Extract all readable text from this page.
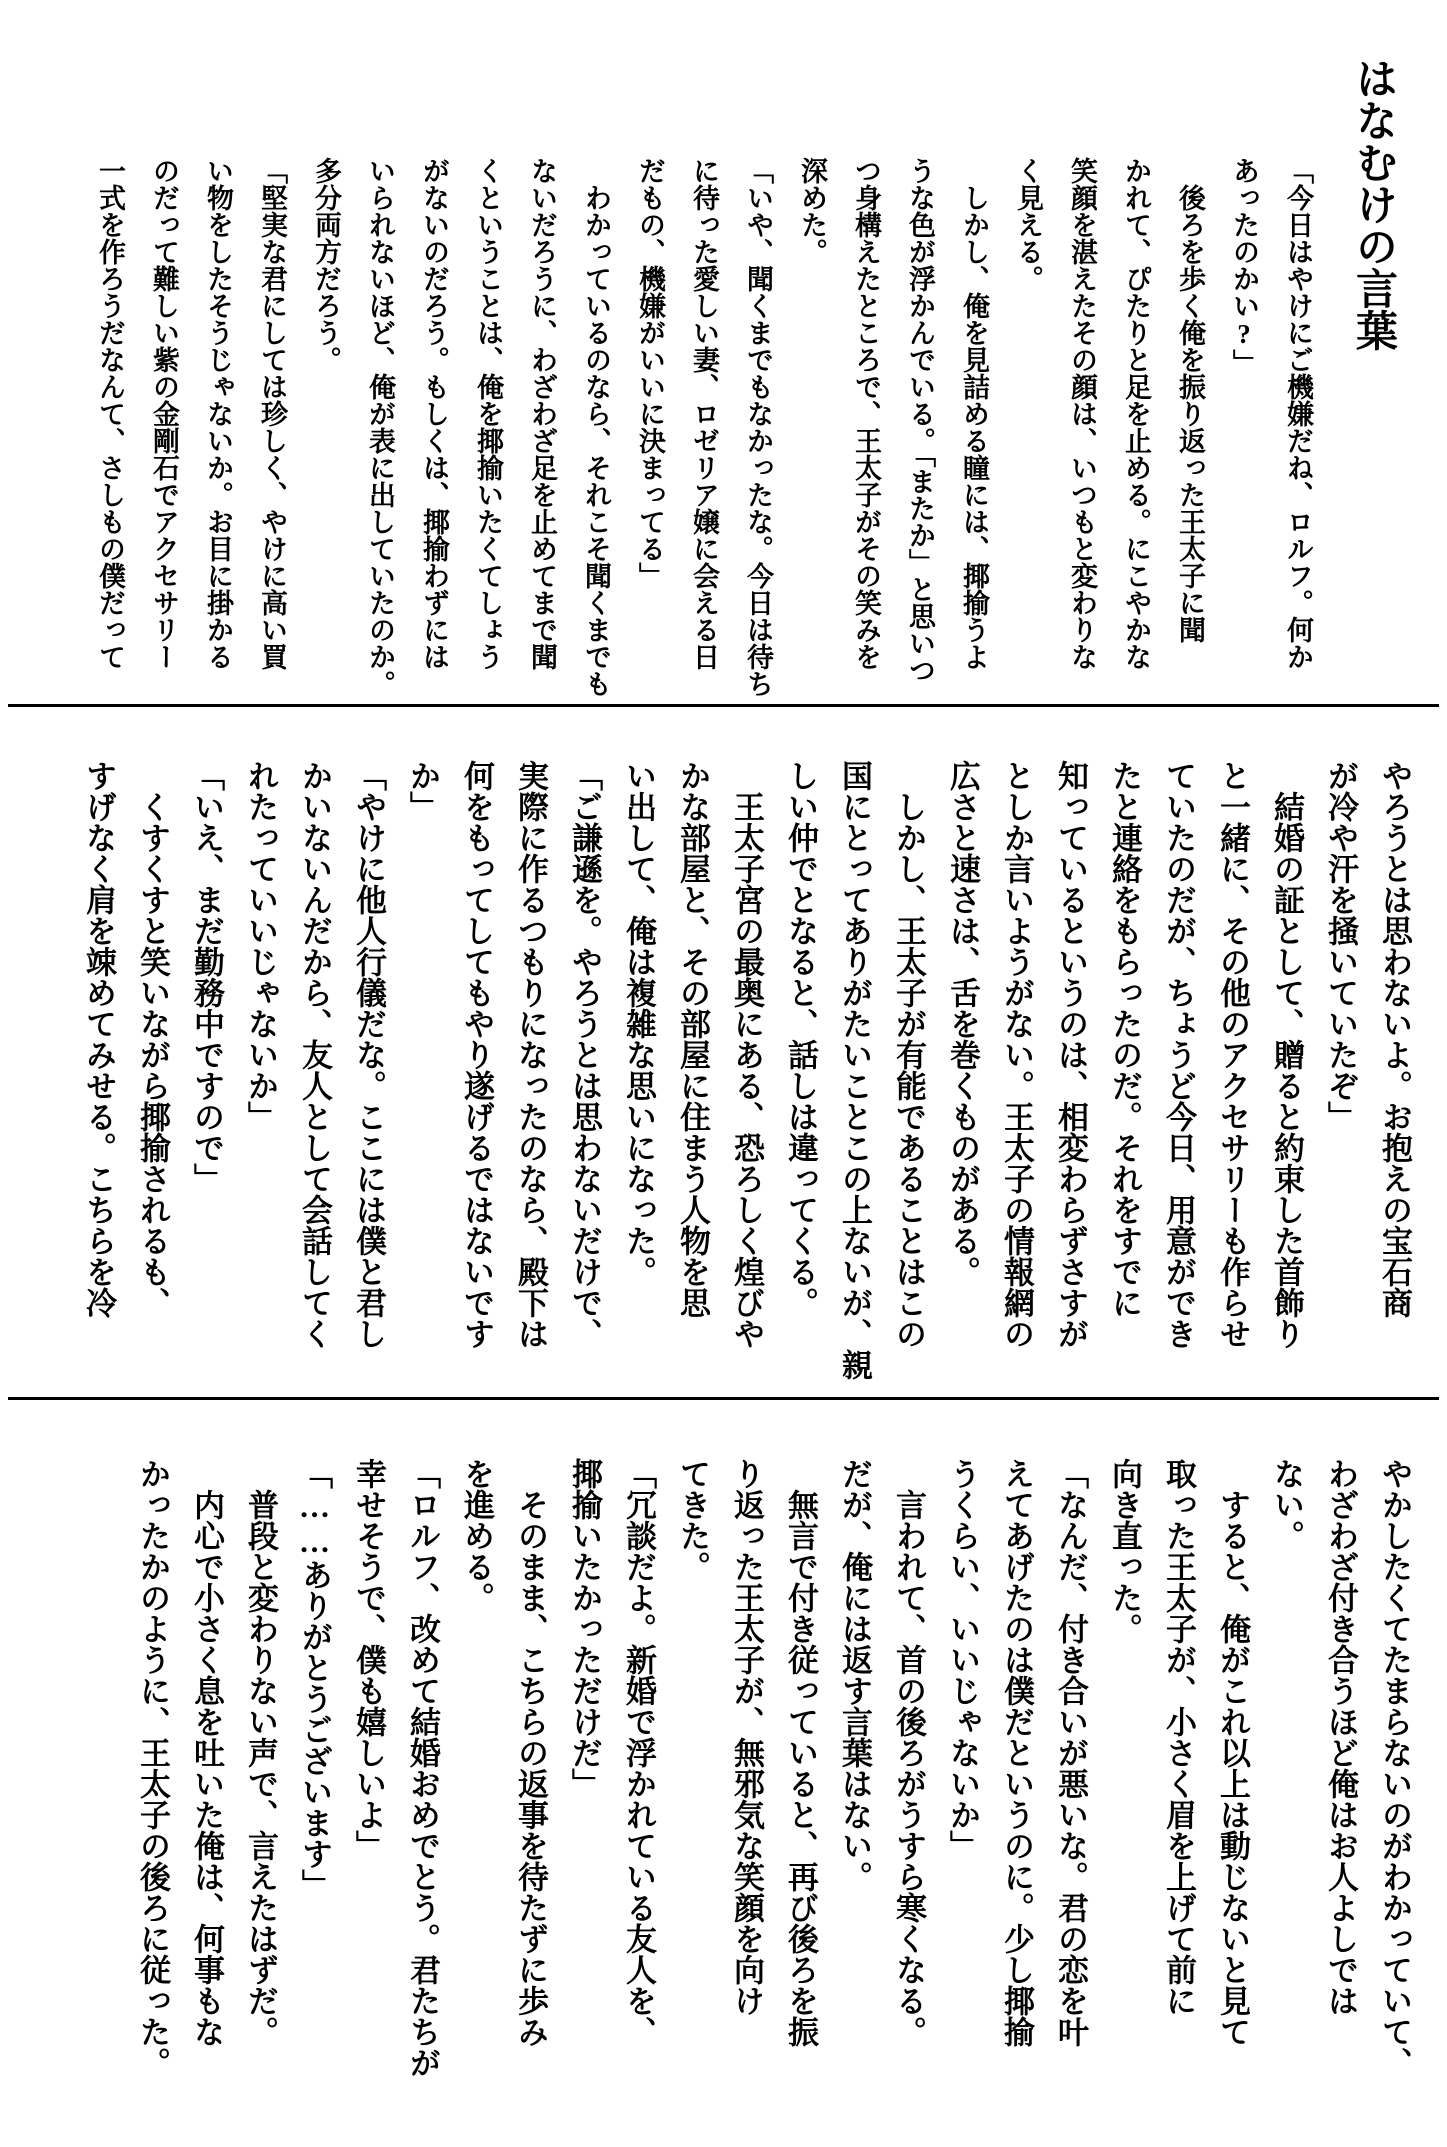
はなむけの言葉

「今日はやけにご機嫌だね、ロルフ。何か

あったのかい?」

後ろを歩く俺を振り返った王太子に聞

かれて、ぴたりと足を止める。にこやかな

笑顔を湛えたその顔は、いつもと変わりな

く見える。

しかし、俺を見詰める瞳には、揶揄うよ

うな色が浮かんでいる。「またか」と思いつ

つ身構えたところで、王太子がその笑みを

深めた。

「いや、聞くまでもなかったな。今日は待ち

に待った愛しい妻、ロゼリア嬢に会える日

だもの、機嫌がいいに決まってる」

わかっているのなら、それこそ聞くまでも

ないだろうに、わざわざ足を止めてまで聞

くということは、俺を揶揄いたくてしょう

がないのだろう。もしくは、揶揄わずには

いられないほど、俺が表に出していたのか。

多分両方だろう。

「堅実な君にしては珍しく、やけに高い買

い物をしたそうじゃないか。お目に掛かる

のだって難しい紫の金剛石でアクセサリー

一式を作ろうだなんて、さしもの僕だって

やろうとは思わないよ。お抱えの宝石商

が冷や汗を掻いていたぞ」

結婚の証として、贈ると約束した首飾り

と一緒に、その他のアクセサリーも作らせ

ていたのだが、ちょうど今日、用意ができ

たと連絡をもらったのだ。それをすでに

知っているというのは、相変わらずさすが

としか言いようがない。王太子の情報網の

広さと速さは、舌を巻くものがある。

しかし、王太子が有能であることはこの

国にとってありがたいことこの上ないが、親

しい仲でとなると、話しは違ってくる。

王太子宮の最奥にある、恐ろしく煌びや

かな部屋と、その部屋に住まう人物を思

い出して、俺は複雑な思いになった。

「ご謙遜を。やろうとは思わないだけで、

実際に作るつもりになったのなら、殿下は

何をもってしてもやり遂げるではないです

か」

「やけに他人行儀だな。ここには僕と君し

かいないんだから、友人として会話してく

れたっていいじゃないか」

「いえ、まだ勤務中ですので」

くすくすと笑いながら揶揄されるも、

すげなく肩を竦めてみせる。こちらを冷

やかしたくてたまらないのがわかっていて、

わざわざ付き合うほど俺はお人よしでは

ない。

すると、俺がこれ以上は動じないと見て

取った王太子が、小さく眉を上げて前に

向き直った。

「なんだ、付き合いが悪いな。君の恋を叶

えてあげたのは僕だというのに。少し揶揄

うくらい、いいじゃないか」

言われて、首の後ろがうすら寒くなる。

だが、俺には返す言葉はない。

無言で付き従っていると、再び後ろを振

り返った王太子が、無邪気な笑顔を向け

てきた。

「冗談だよ。新婚で浮かれている友人を、

揶揄いたかっただけだ」

そのまま、こちらの返事を待たずに歩み

を進める。

「ロルフ、改めて結婚おめでとう。君たちが

幸せそうで、僕も嬉しいよ」

「……ありがとうございます」

普段と変わりない声で、言えたはずだ。

内心で小さく息を吐いた俺は、何事もな

かったかのように、王太子の後ろに従った。
